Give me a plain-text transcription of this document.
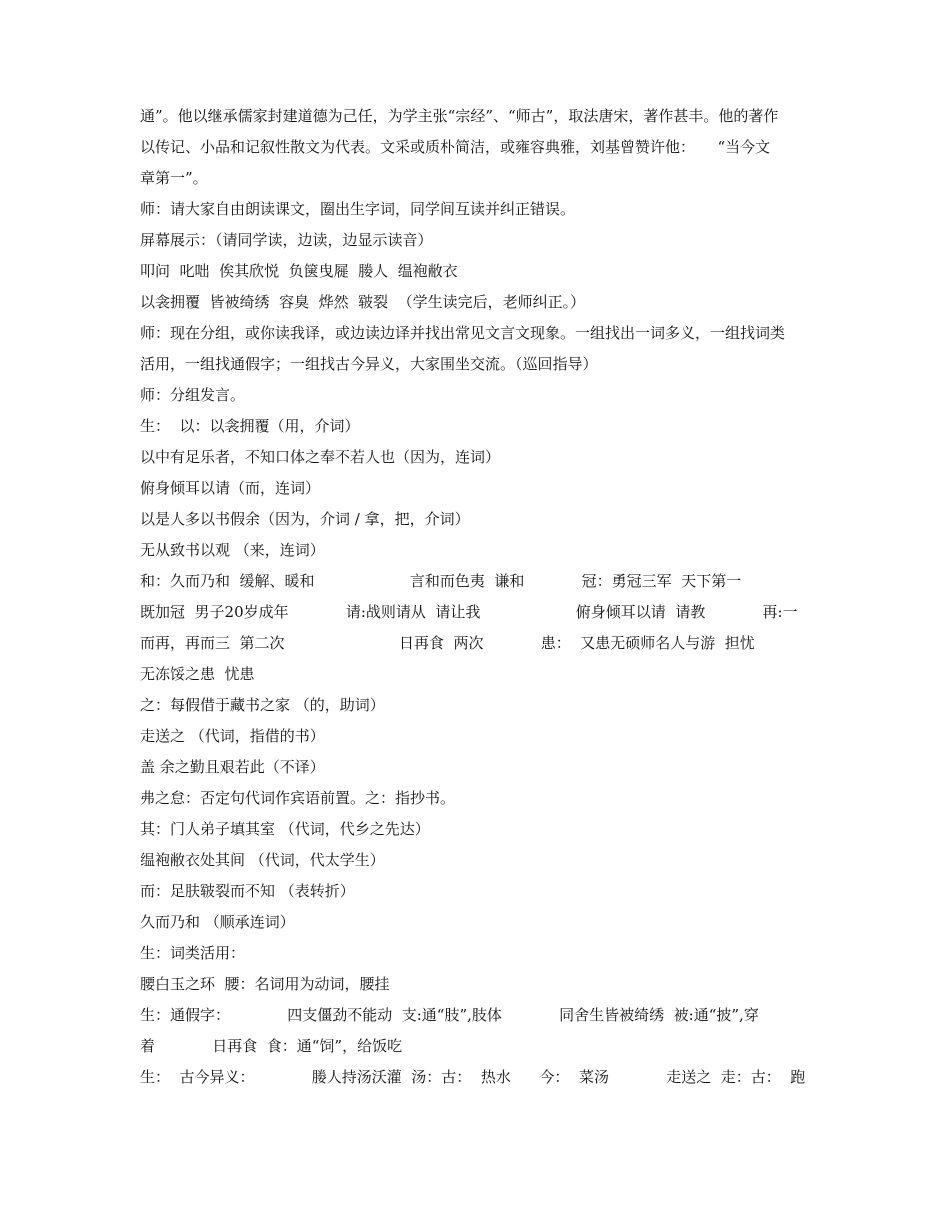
通”。他以继承儒家封建道德为己任，为学主张“宗经”、“师古”，取法唐宋，著作甚丰。他的著作
以传记、小品和记叙性散文为代表。文采或质朴简洁，或雍容典雅，刘基曾赞许他：　　“当今文
章第一”。
师：请大家自由朗读课文，圈出生字词，同学间互读并纠正错误。
屏幕展示：（请同学读，边读，边显示读音）
叩问  叱咄  俟其欣悦  负箧曳屣  媵人  缊袍敝衣
以衾拥覆  皆被绮绣  容臭  烨然  皲裂  （学生读完后，老师纠正。）
师：现在分组，或你读我译，或边读边译并找出常见文言文现象。一组找出一词多义，一组找词类
活用，一组找通假字；一组找古今异义，大家围坐交流。（巡回指导）
师：分组发言。
生：  以：以衾拥覆（用，介词）
以中有足乐者，不知口体之奉不若人也（因为，连词）
俯身倾耳以请（而，连词）
以是人多以书假余（因为，介词 / 拿，把，介词）
无从致书以观 （来，连词）
和：久而乃和  缓解、暖和                    言和而色夷  谦和            冠：勇冠三军  天下第一
既加冠  男子20岁成年            请:战则请从  请让我                    俯身倾耳以请  请教            再:一
而再，再而三  第二次                        日再食  两次            患：  又患无硕师名人与游  担忧
无冻馁之患  忧患
之：每假借于藏书之家 （的，助词）
走送之 （代词，指借的书）
盖 余之勤且艰若此（不译）
弗之怠：否定句代词作宾语前置。之：指抄书。
其：门人弟子填其室 （代词，代乡之先达）
缊袍敝衣处其间 （代词，代太学生）
而：足肤皲裂而不知 （表转折）
久而乃和 （顺承连词）
生：词类活用：
腰白玉之环  腰：名词用为动词，腰挂
生：通假字：            四支僵劲不能动  支:通“肢”,肢体            同舍生皆被绮绣  被:通“披”,穿
着            日再食  食：通“饲”，给饭吃
生：  古今异义：            媵人持汤沃灌  汤：古：  热水      今：  菜汤            走送之  走：古：  跑
